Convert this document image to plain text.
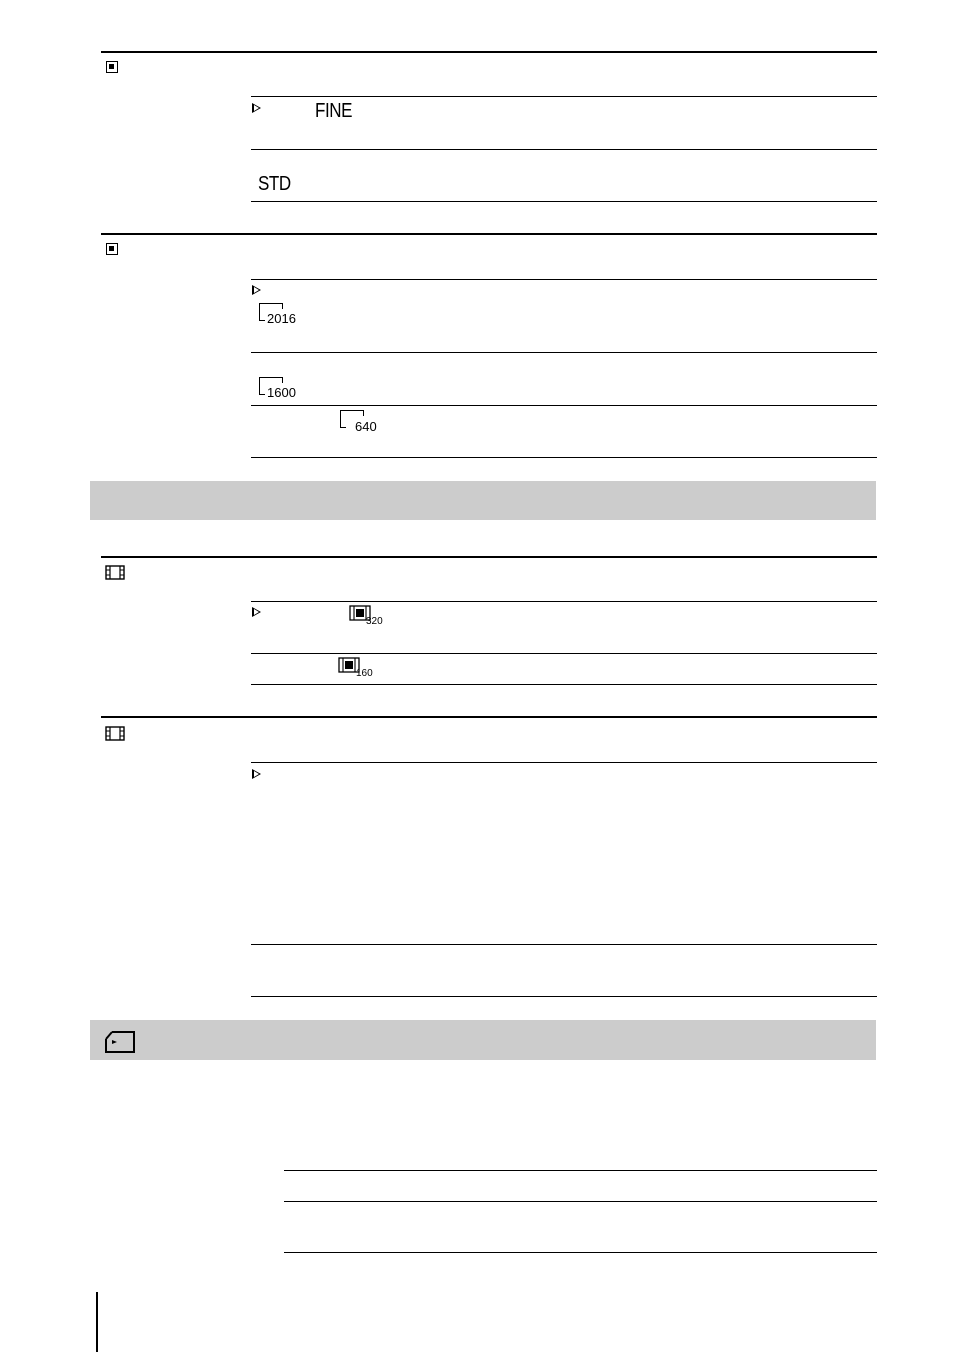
FINE
STD
2016
1600
640
320
160
